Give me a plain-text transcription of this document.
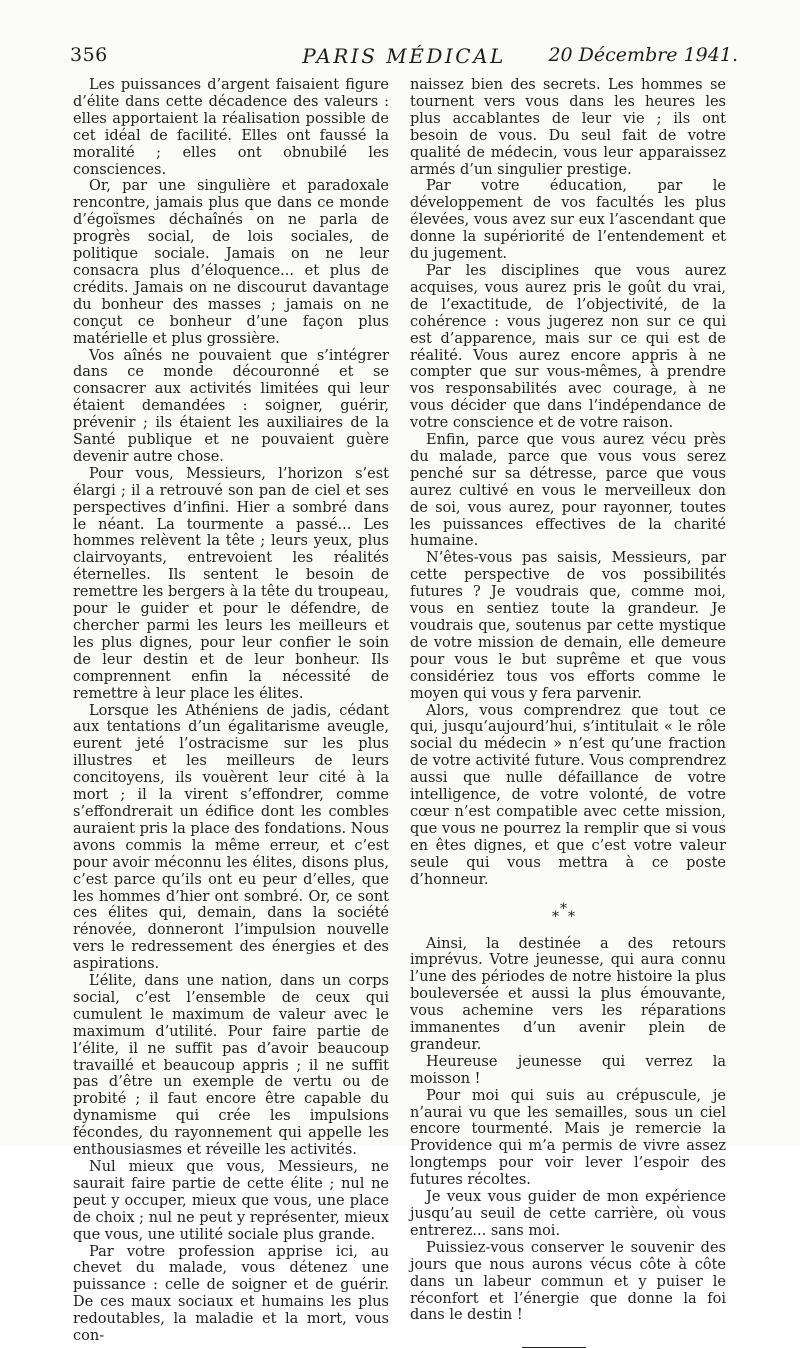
356	PARIS MÉDICAL	20 Décembre 1941.

Les puissances d’argent faisaient figure d’élite dans cette décadence des valeurs : elles apportaient la réalisation possible de cet idéal de facilité. Elles ont faussé la moralité ; elles ont obnubilé les consciences.

Or, par une singulière et paradoxale rencontre, jamais plus que dans ce monde d’égoïsmes déchaînés on ne parla de progrès social, de lois sociales, de politique sociale. Jamais on ne leur consacra plus d’éloquence... et plus de crédits. Jamais on ne discourut davantage du bonheur des masses ; jamais on ne conçut ce bonheur d’une façon plus matérielle et plus grossière.

Vos aînés ne pouvaient que s’intégrer dans ce monde découronné et se consacrer aux activités limitées qui leur étaient demandées : soigner, guérir, prévenir ; ils étaient les auxiliaires de la Santé publique et ne pouvaient guère devenir autre chose.

Pour vous, Messieurs, l’horizon s’est élargi ; il a retrouvé son pan de ciel et ses perspectives d’infini. Hier a sombré dans le néant. La tourmente a passé... Les hommes relèvent la tête ; leurs yeux, plus clairvoyants, entrevoient les réalités éternelles. Ils sentent le besoin de remettre les bergers à la tête du troupeau, pour le guider et pour le défendre, de chercher parmi les leurs les meilleurs et les plus dignes, pour leur confier le soin de leur destin et de leur bonheur. Ils comprennent enfin la nécessité de remettre à leur place les élites.

Lorsque les Athéniens de jadis, cédant aux tentations d’un égalitarisme aveugle, eurent jeté l’ostracisme sur les plus illustres et les meilleurs de leurs concitoyens, ils vouèrent leur cité à la mort ; il la virent s’effondrer, comme s’effondrerait un édifice dont les combles auraient pris la place des fondations. Nous avons commis la même erreur, et c’est pour avoir méconnu les élites, disons plus, c’est parce qu’ils ont eu peur d’elles, que les hommes d’hier ont sombré. Or, ce sont ces élites qui, demain, dans la société rénovée, donneront l’impulsion nouvelle vers le redressement des énergies et des aspirations.

L’élite, dans une nation, dans un corps social, c’est l’ensemble de ceux qui cumulent le maximum de valeur avec le maximum d’utilité. Pour faire partie de l’élite, il ne suffit pas d’avoir beaucoup travaillé et beaucoup appris ; il ne suffit pas d’être un exemple de vertu ou de probité ; il faut encore être capable du dynamisme qui crée les impulsions fécondes, du rayonnement qui appelle les enthousiasmes et réveille les activités.

Nul mieux que vous, Messieurs, ne saurait faire partie de cette élite ; nul ne peut y occuper, mieux que vous, une place de choix ; nul ne peut y représenter, mieux que vous, une utilité sociale plus grande.

Par votre profession apprise ici, au chevet du malade, vous détenez une puissance : celle de soigner et de guérir. De ces maux sociaux et humains les plus redoutables, la maladie et la mort, vous con-

naissez bien des secrets. Les hommes se tournent vers vous dans les heures les plus accablantes de leur vie ; ils ont besoin de vous. Du seul fait de votre qualité de médecin, vous leur apparaissez armés d’un singulier prestige.

Par votre éducation, par le développement de vos facultés les plus élevées, vous avez sur eux l’ascendant que donne la supériorité de l’entendement et du jugement.

Par les disciplines que vous aurez acquises, vous aurez pris le goût du vrai, de l’exactitude, de l’objectivité, de la cohérence : vous jugerez non sur ce qui est d’apparence, mais sur ce qui est de réalité. Vous aurez encore appris à ne compter que sur vous-mêmes, à prendre vos responsabilités avec courage, à ne vous décider que dans l’indépendance de votre conscience et de votre raison.

Enfin, parce que vous aurez vécu près du malade, parce que vous vous serez penché sur sa détresse, parce que vous aurez cultivé en vous le merveilleux don de soi, vous aurez, pour rayonner, toutes les puissances effectives de la charité humaine.

N’êtes-vous pas saisis, Messieurs, par cette perspective de vos possibilités futures ? Je voudrais que, comme moi, vous en sentiez toute la grandeur. Je voudrais que, soutenus par cette mystique de votre mission de demain, elle demeure pour vous le but suprême et que vous considériez tous vos efforts comme le moyen qui vous y fera parvenir.

Alors, vous comprendrez que tout ce qui, jusqu’aujourd’hui, s’intitulait « le rôle social du médecin » n’est qu’une fraction de votre activité future. Vous comprendrez aussi que nulle défaillance de votre intelligence, de votre volonté, de votre cœur n’est compatible avec cette mission, que vous ne pourrez la remplir que si vous en êtes dignes, et que c’est votre valeur seule qui vous mettra à ce poste d’honneur.

*
* *

Ainsi, la destinée a des retours imprévus. Votre jeunesse, qui aura connu l’une des périodes de notre histoire la plus bouleversée et aussi la plus émouvante, vous achemine vers les réparations immanentes d’un avenir plein de grandeur.

Heureuse jeunesse qui verrez la moisson !

Pour moi qui suis au crépuscule, je n’aurai vu que les semailles, sous un ciel encore tourmenté. Mais je remercie la Providence qui m’a permis de vivre assez longtemps pour voir lever l’espoir des futures récoltes.

Je veux vous guider de mon expérience jusqu’au seuil de cette carrière, où vous entrerez... sans moi.

Puissiez-vous conserver le souvenir des jours que nous aurons vécus côte à côte dans un labeur commun et y puiser le réconfort et l’énergie que donne la foi dans le destin !
